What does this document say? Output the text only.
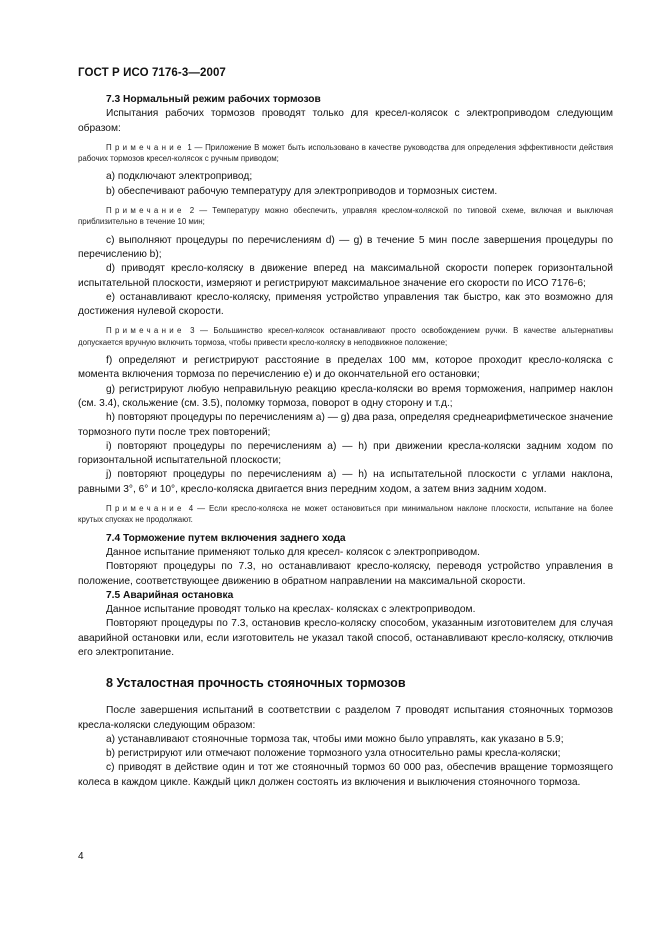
ГОСТ Р ИСО 7176-3—2007

7.3 Нормальный режим рабочих тормозов

Испытания рабочих тормозов проводят только для кресел-колясок с электроприводом следующим образом:

Примечание 1 — Приложение В может быть использовано в качестве руководства для определения эффективности действия рабочих тормозов кресел-колясок с ручным приводом;

a) подключают электропривод;

b) обеспечивают рабочую температуру для электроприводов и тормозных систем.

Примечание 2 — Температуру можно обеспечить, управляя креслом-коляской по типовой схеме, включая и выключая приблизительно в течение 10 мин;

c) выполняют процедуры по перечислениям d) — g) в течение 5 мин после завершения процедуры по перечислению b);

d) приводят кресло-коляску в движение вперед на максимальной скорости поперек горизонтальной испытательной плоскости, измеряют и регистрируют максимальное значение его скорости по ИСО 7176-6;

e) останавливают кресло-коляску, применяя устройство управления так быстро, как это возможно для достижения нулевой скорости.

Примечание 3 — Большинство кресел-колясок останавливают просто освобождением ручки. В качестве альтернативы допускается вручную включить тормоза, чтобы привести кресло-коляску в неподвижное положение;

f) определяют и регистрируют расстояние в пределах 100 мм, которое проходит кресло-коляска с момента включения тормоза по перечислению e) и до окончательной его остановки;

g) регистрируют любую неправильную реакцию кресла-коляски во время торможения, например наклон (см. 3.4), скольжение (см. 3.5), поломку тормоза, поворот в одну сторону и т.д.;

h) повторяют процедуры по перечислениям a) — g) два раза, определяя среднеарифметическое значение тормозного пути после трех повторений;

i) повторяют процедуры по перечислениям a) — h) при движении кресла-коляски задним ходом по горизонтальной испытательной плоскости;

j) повторяют процедуры по перечислениям a) — h) на испытательной плоскости с углами наклона, равными 3°, 6° и 10°, кресло-коляска двигается вниз передним ходом, а затем вниз задним ходом.

Примечание 4 — Если кресло-коляска не может остановиться при минимальном наклоне плоскости, испытание на более крутых спусках не продолжают.

7.4 Торможение путем включения заднего хода

Данное испытание применяют только для кресел- колясок с электроприводом.

Повторяют процедуры по 7.3, но останавливают кресло-коляску, переводя устройство управления в положение, соответствующее движению в обратном направлении на максимальной скорости.

7.5 Аварийная остановка

Данное испытание проводят только на креслах- колясках с электроприводом.

Повторяют процедуры по 7.3, остановив кресло-коляску способом, указанным изготовителем для случая аварийной остановки или, если изготовитель не указал такой способ, останавливают кресло-коляску, отключив его электропитание.

8 Усталостная прочность стояночных тормозов

После завершения испытаний в соответствии с разделом 7 проводят испытания стояночных тормозов кресла-коляски следующим образом:

a) устанавливают стояночные тормоза так, чтобы ими можно было управлять, как указано в 5.9;

b) регистрируют или отмечают положение тормозного узла относительно рамы кресла-коляски;

c) приводят в действие один и тот же стояночный тормоз 60 000 раз, обеспечив вращение тормозящего колеса в каждом цикле. Каждый цикл должен состоять из включения и выключения стояночного тормоза.

4
